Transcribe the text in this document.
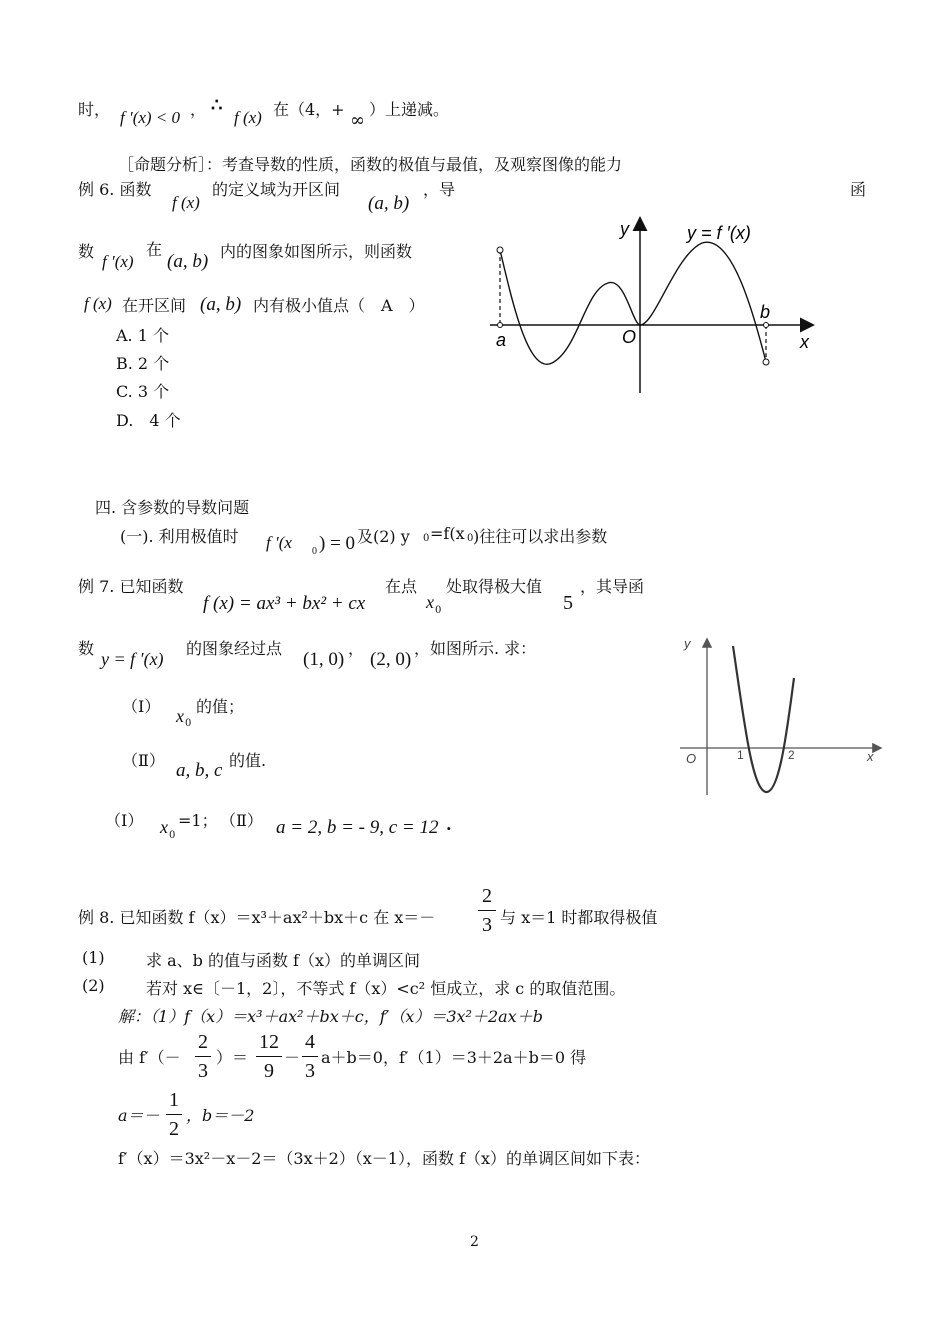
时， f ′(x) < 0 ， ∴
f (x) 在（4，+
∞
）上递减。
［命题分析］：考查导数的性质，函数的极值与最值，及观察图像的能力
例 6. 函数
f (x)
的定义域为开区间
(a, b)
，导	函
数
f ′(x)
在
(a, b) 内的图象如图所示，则函数
f (x) 在开区间 (a, b) 内有极小值点（　A　）
A. 1 个
B. 2 个
C. 3 个
D.　4 个
y
x
O
a
b
y = f ′(x)
四. 含参数的导数问题
(一). 利用极值时 f ′(x 0 ) = 0 及(2) y 0 =f(x 0 )往往可以求出参数
例 7. 已知函数
f (x) = ax³ + bx² + cx
在点
x 0
处取得极大值
5
，其导函
数
y = f ′(x)
的图象经过点
(1, 0)
，
(2, 0)
，如图所示. 求：
（Ⅰ） x 0
的值；
（Ⅱ） a, b, c 的值.
（Ⅰ） x 0
=1； （Ⅱ） a = 2, b = - 9, c = 12 .
y
x
O	1	2
例 8. 已知函数 f（x）＝x³＋ax²＋bx＋c 在 x＝－
2
3 与 x＝1 时都取得极值
(1)	求 a、b 的值与函数 f（x）的单调区间
(2)	若对 x∈〔－1，2〕，不等式 f（x）<c² 恒成立，求 c 的取值范围。
解：（1）f（x）＝x³＋ax²＋bx＋c，f′（x）＝3x²＋2ax＋b
由 f′（－
2
3
）＝
12
9
－
4
3
a＋b＝0，f′（1）＝3＋2a＋b＝0 得
a＝－
1
2
，b＝－2
f′（x）＝3x²－x－2＝（3x＋2）（x－1），函数 f（x）的单调区间如下表：
2
